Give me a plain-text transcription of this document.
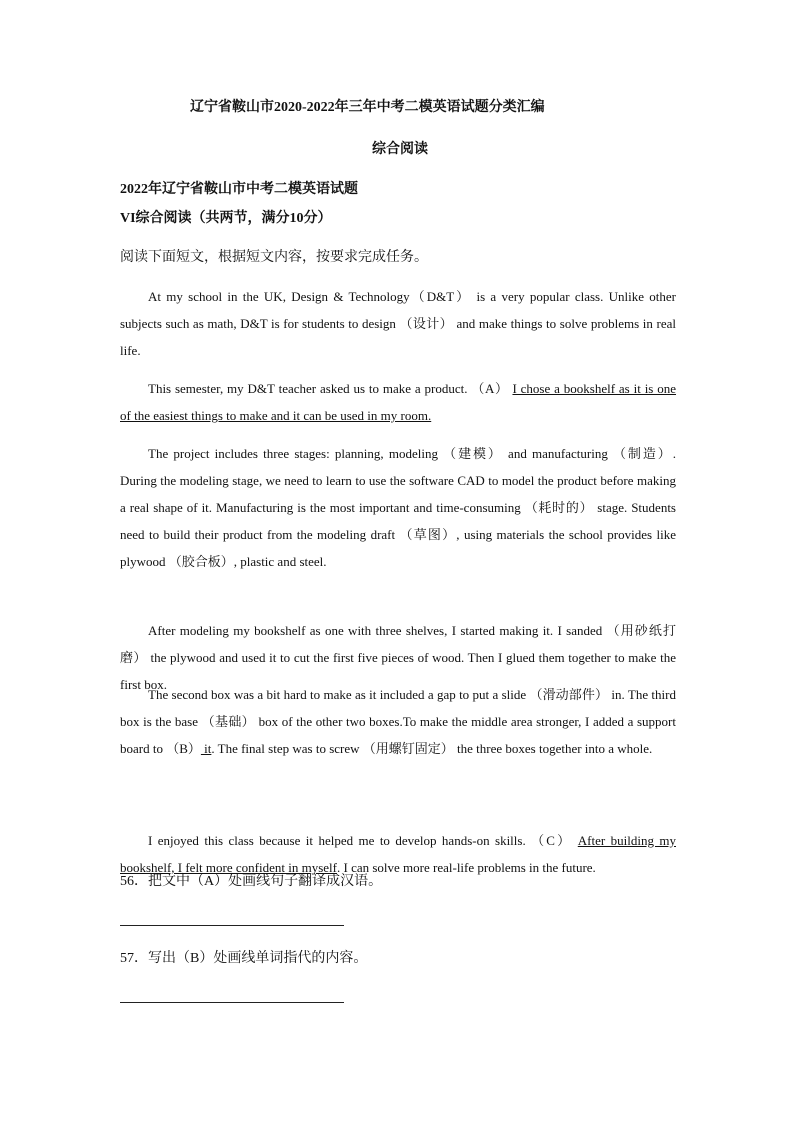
辽宁省鞍山市2020-2022年三年中考二模英语试题分类汇编
综合阅读
2022年辽宁省鞍山市中考二模英语试题
VI综合阅读（共两节，满分10分）
阅读下面短文，根据短文内容，按要求完成任务。
At my school in the UK, Design & Technology（D&T） is a very popular class. Unlike other subjects such as math, D&T is for students to design （设计） and make things to solve problems in real life.
This semester, my D&T teacher asked us to make a product. （A） I chose a bookshelf as it is one of the easiest things to make and it can be used in my room.
The project includes three stages: planning, modeling （建模） and manufacturing （制造）. During the modeling stage, we need to learn to use the software CAD to model the product before making a real shape of it. Manufacturing is the most important and time-consuming （耗时的） stage. Students need to build their product from the modeling draft （草图）, using materials the school provides like plywood （胶合板）, plastic and steel.
After modeling my bookshelf as one with three shelves, I started making it. I sanded （用砂纸打磨） the plywood and used it to cut the first five pieces of wood. Then I glued them together to make the first box.
The second box was a bit hard to make as it included a gap to put a slide （滑动部件） in. The third box is the base （基础） box of the other two boxes.To make the middle area stronger, I added a support board to （B） it. The final step was to screw （用螺钉固定） the three boxes together into a whole.
I enjoyed this class because it helped me to develop hands-on skills. （C） After building my bookshelf, I felt more confident in myself. I can solve more real-life problems in the future.
56．把文中（A）处画线句子翻译成汉语。
57．写出（B）处画线单词指代的内容。
